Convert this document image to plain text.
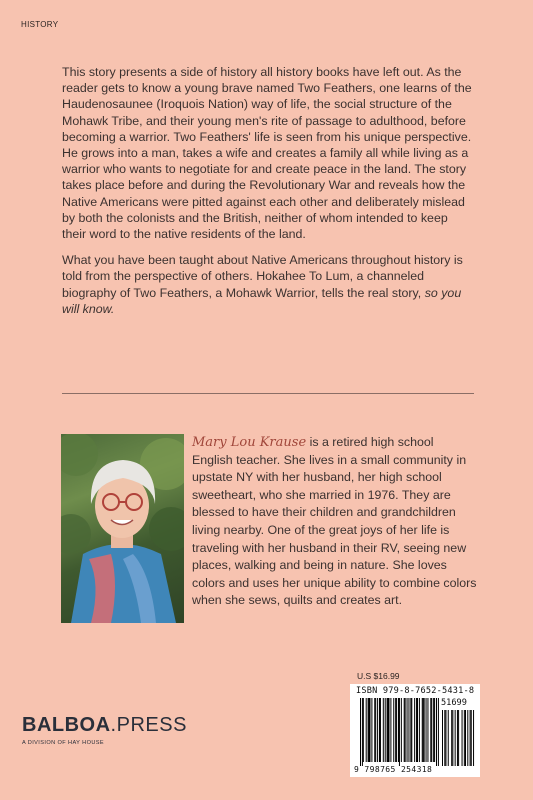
HISTORY

This story presents a side of history all history books have left out. As the reader gets to know a young brave named Two Feathers, one learns of the Haudenosaunee (Iroquois Nation) way of life, the social structure of the Mohawk Tribe, and their young men's rite of passage to adulthood, before becoming a warrior. Two Feathers' life is seen from his unique perspective. He grows into a man, takes a wife and creates a family all while living as a warrior who wants to negotiate for and create peace in the land. The story takes place before and during the Revolutionary War and reveals how the Native Americans were pitted against each other and deliberately mislead by both the colonists and the British, neither of whom intended to keep their word to the native residents of the land.

What you have been taught about Native Americans throughout history is told from the perspective of others. Hokahee To Lum, a channeled biography of Two Feathers, a Mohawk Warrior, tells the real story, so you will know.

Mary Lou Krause is a retired high school English teacher. She lives in a small community in upstate NY with her husband, her high school sweetheart, who she married in 1976. They are blessed to have their children and grandchildren living nearby. One of the great joys of her life is traveling with her husband in their RV, seeing new places, walking and being in nature. She loves colors and uses her unique ability to combine colors when she sews, quilts and creates art.
U.S $16.99
ISBN 979-8-7652-5431-8
51699
9 798765 254318
BALBOA.PRESS
A DIVISION OF HAY HOUSE
